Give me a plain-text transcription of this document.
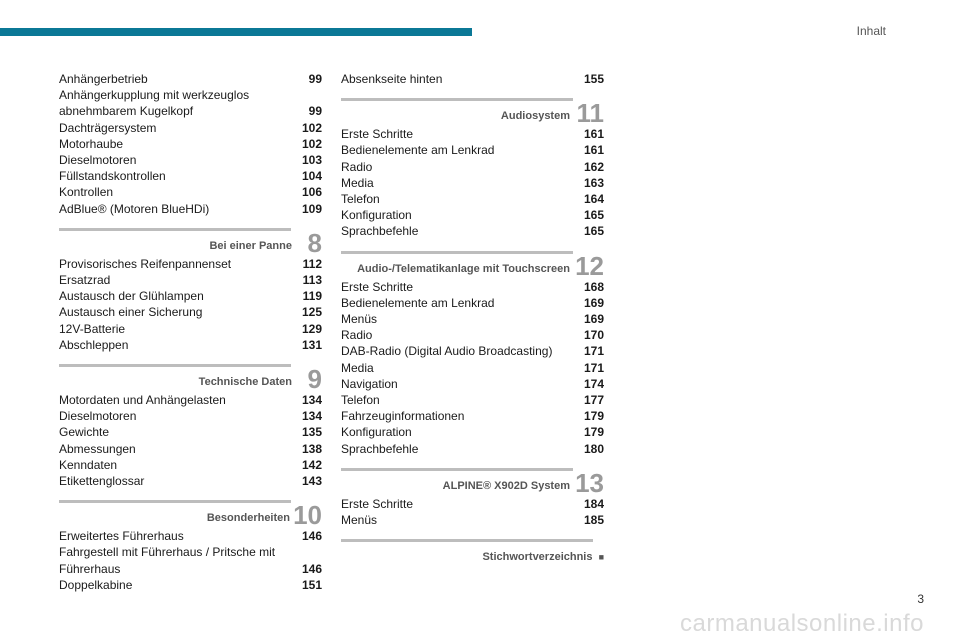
Inhalt
Anhängerbetrieb	99
Anhängerkupplung mit werkzeuglos
abnehmbarem Kugelkopf	99
Dachträgersystem	102
Motorhaube	102
Dieselmotoren	103
Füllstandskontrollen	104
Kontrollen	106
AdBlue® (Motoren BlueHDi)	109
Bei einer Panne 8
Provisorisches Reifenpannenset	112
Ersatzrad	113
Austausch der Glühlampen	119
Austausch einer Sicherung	125
12V-Batterie	129
Abschleppen	131
Technische Daten 9
Motordaten und Anhängelasten	134
Dieselmotoren	134
Gewichte	135
Abmessungen	138
Kenndaten	142
Etikettenglossar	143
Besonderheiten 10
Erweitertes Führerhaus	146
Fahrgestell mit Führerhaus / Pritsche mit
Führerhaus	146
Doppelkabine	151
Absenkseite hinten	155
Audiosystem 11
Erste Schritte	161
Bedienelemente am Lenkrad	161
Radio	162
Media	163
Telefon	164
Konfiguration	165
Sprachbefehle	165
Audio-/Telematikanlage mit Touchscreen 12
Erste Schritte	168
Bedienelemente am Lenkrad	169
Menüs	169
Radio	170
DAB-Radio (Digital Audio Broadcasting)	171
Media	171
Navigation	174
Telefon	177
Fahrzeuginformationen	179
Konfiguration	179
Sprachbefehle	180
ALPINE® X902D System 13
Erste Schritte	184
Menüs	185
Stichwortverzeichnis ■
3
carmanualsonline.info
